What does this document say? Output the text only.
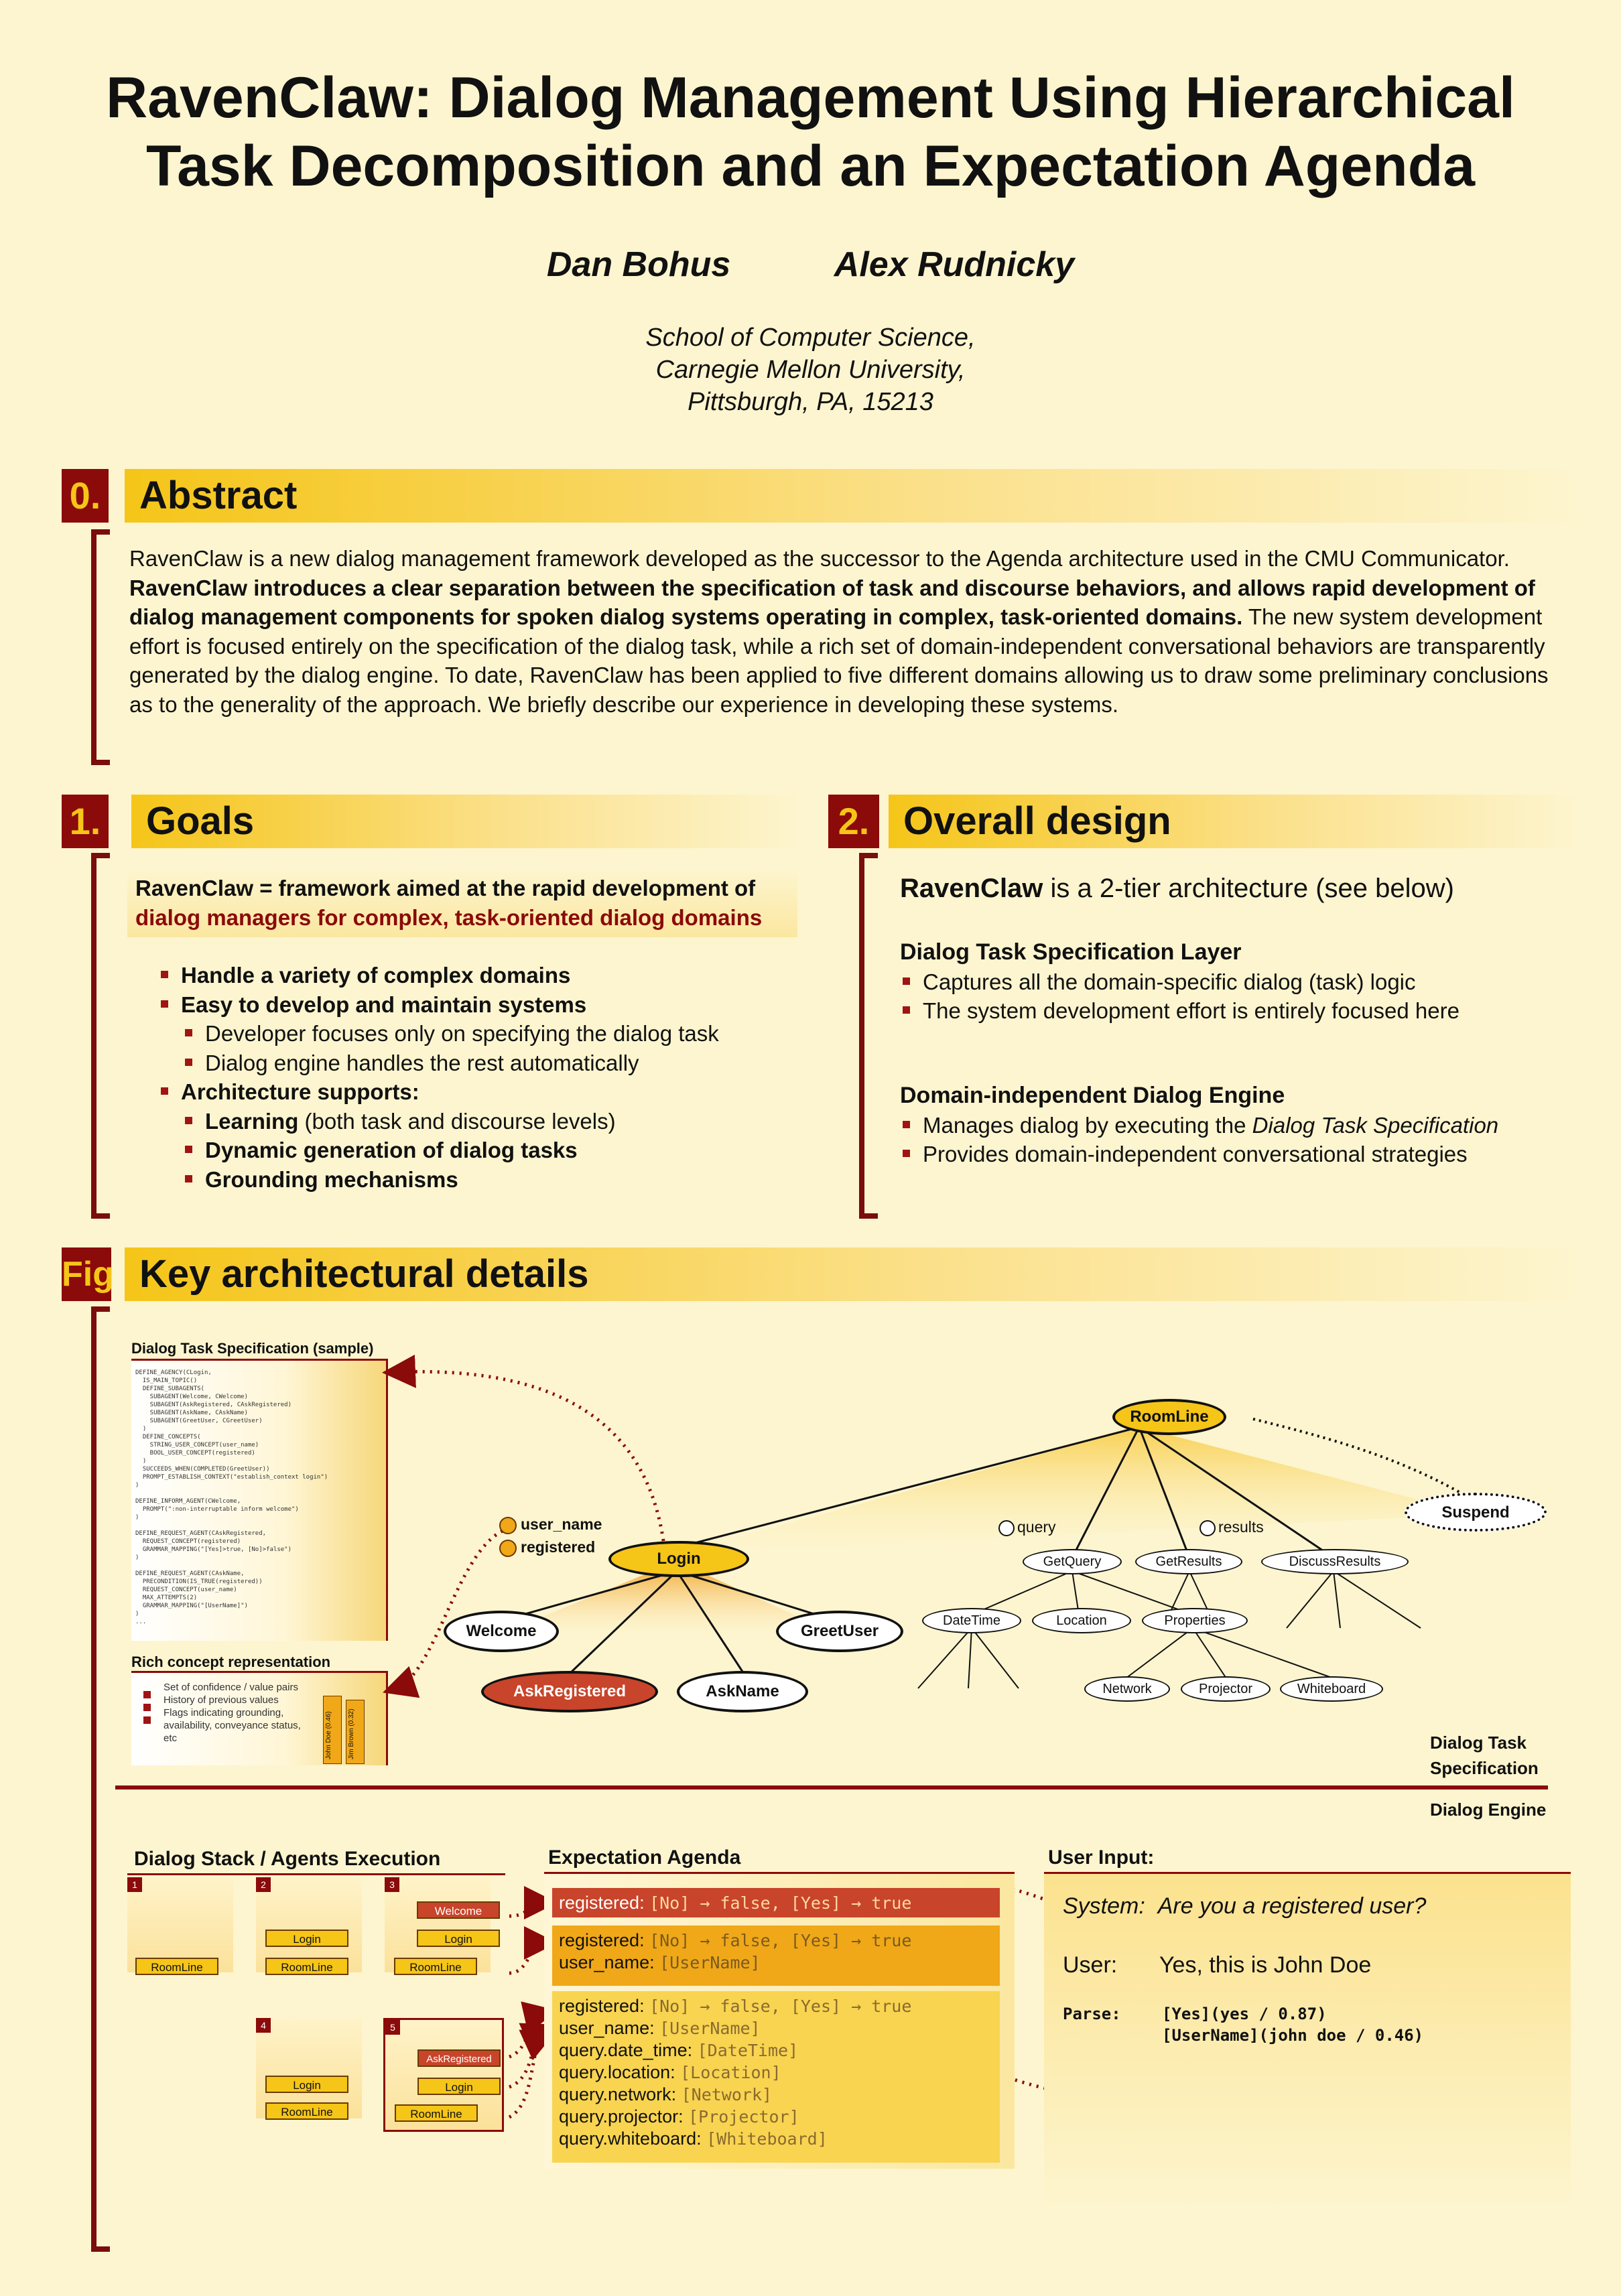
RavenClaw: Dialog Management Using Hierarchical
Task Decomposition and an Expectation Agenda
Dan Bohus	Alex Rudnicky
School of Computer Science,
Carnegie Mellon University,
Pittsburgh, PA, 15213
0. Abstract
RavenClaw is a new dialog management framework developed as the successor to the Agenda architecture used in the CMU Communicator. RavenClaw introduces a clear separation between the specification of task and discourse behaviors, and allows rapid development of dialog management components for spoken dialog systems operating in complex, task-oriented domains. The new system development effort is focused entirely on the specification of the dialog task, while a rich set of domain-independent conversational behaviors are transparently generated by the dialog engine. To date, RavenClaw has been applied to five different domains allowing us to draw some preliminary conclusions as to the generality of the approach. We briefly describe our experience in developing these systems.
1.	Goals
RavenClaw = framework aimed at the rapid development of dialog managers for complex, task-oriented dialog domains
Handle a variety of complex domains
Easy to develop and maintain systems
Developer focuses only on specifying the dialog task
Dialog engine handles the rest automatically
Architecture supports:
Learning (both task and discourse levels)
Dynamic generation of dialog tasks
Grounding mechanisms
2. Overall design
RavenClaw is a 2-tier architecture (see below)
Dialog Task Specification Layer
Captures all the domain-specific dialog (task) logic
The system development effort is entirely focused here
Domain-independent Dialog Engine
Manages dialog by executing the Dialog Task Specification
Provides domain-independent conversational strategies
Fig Key architectural details
Dialog Task Specification (sample)
DEFINE_AGENCY(CLogin,
IS_MAIN_TOPIC()
DEFINE_SUBAGENTS(
SUBAGENT(Welcome, CWelcome)
SUBAGENT(AskRegistered, CAskRegistered)
SUBAGENT(AskName, CAskName)
SUBAGENT(GreetUser, CGreetUser)
)
DEFINE_CONCEPTS(
STRING_USER_CONCEPT(user_name)
BOOL_USER_CONCEPT(registered)
)
SUCCEEDS_WHEN(COMPLETED(GreetUser))
PROMPT_ESTABLISH_CONTEXT("establish_context login")
)

DEFINE_INFORM_AGENT(CWelcome,
PROMPT(":non-interruptable inform welcome")
)

DEFINE_REQUEST_AGENT(CAskRegistered,
REQUEST_CONCEPT(registered)
GRAMMAR_MAPPING("[Yes]>true, [No]>false")
)

DEFINE_REQUEST_AGENT(CAskName,
PRECONDITION(IS_TRUE(registered))
REQUEST_CONCEPT(user_name)
MAX_ATTEMPTS(2)
GRAMMAR_MAPPING("[UserName]")
)
...
Rich concept representation
Set of confidence / value pairs
History of previous values
Flags indicating grounding, availability, conveyance status, etc	John Doe (0.46) Jim Brown (0.32)
RoomLine
Suspend
Login
Welcome	GreetUser
AskRegistered	AskName
user_name
registered
query	results
GetQuery	GetResults	DiscussResults
DateTime	Location	Properties
Network	Projector	Whiteboard
Dialog Task Specification
Dialog Engine
Dialog Stack / Agents Execution
1
RoomLine
2
Login
RoomLine
3
Welcome
Login
RoomLine
4
Login
RoomLine
5
AskRegistered
Login
RoomLine
Expectation Agenda
registered: [No] → false, [Yes] → true
registered: [No] → false, [Yes] → true
user_name: [UserName]
registered: [No] → false, [Yes] → true
user_name: [UserName]
query.date_time: [DateTime]
query.location: [Location]
query.network: [Network]
query.projector: [Projector]
query.whiteboard: [Whiteboard]
User Input:
System: Are you a registered user?
User: Yes, this is John Doe
Parse:	[Yes](yes / 0.87)
[UserName](john doe / 0.46)
